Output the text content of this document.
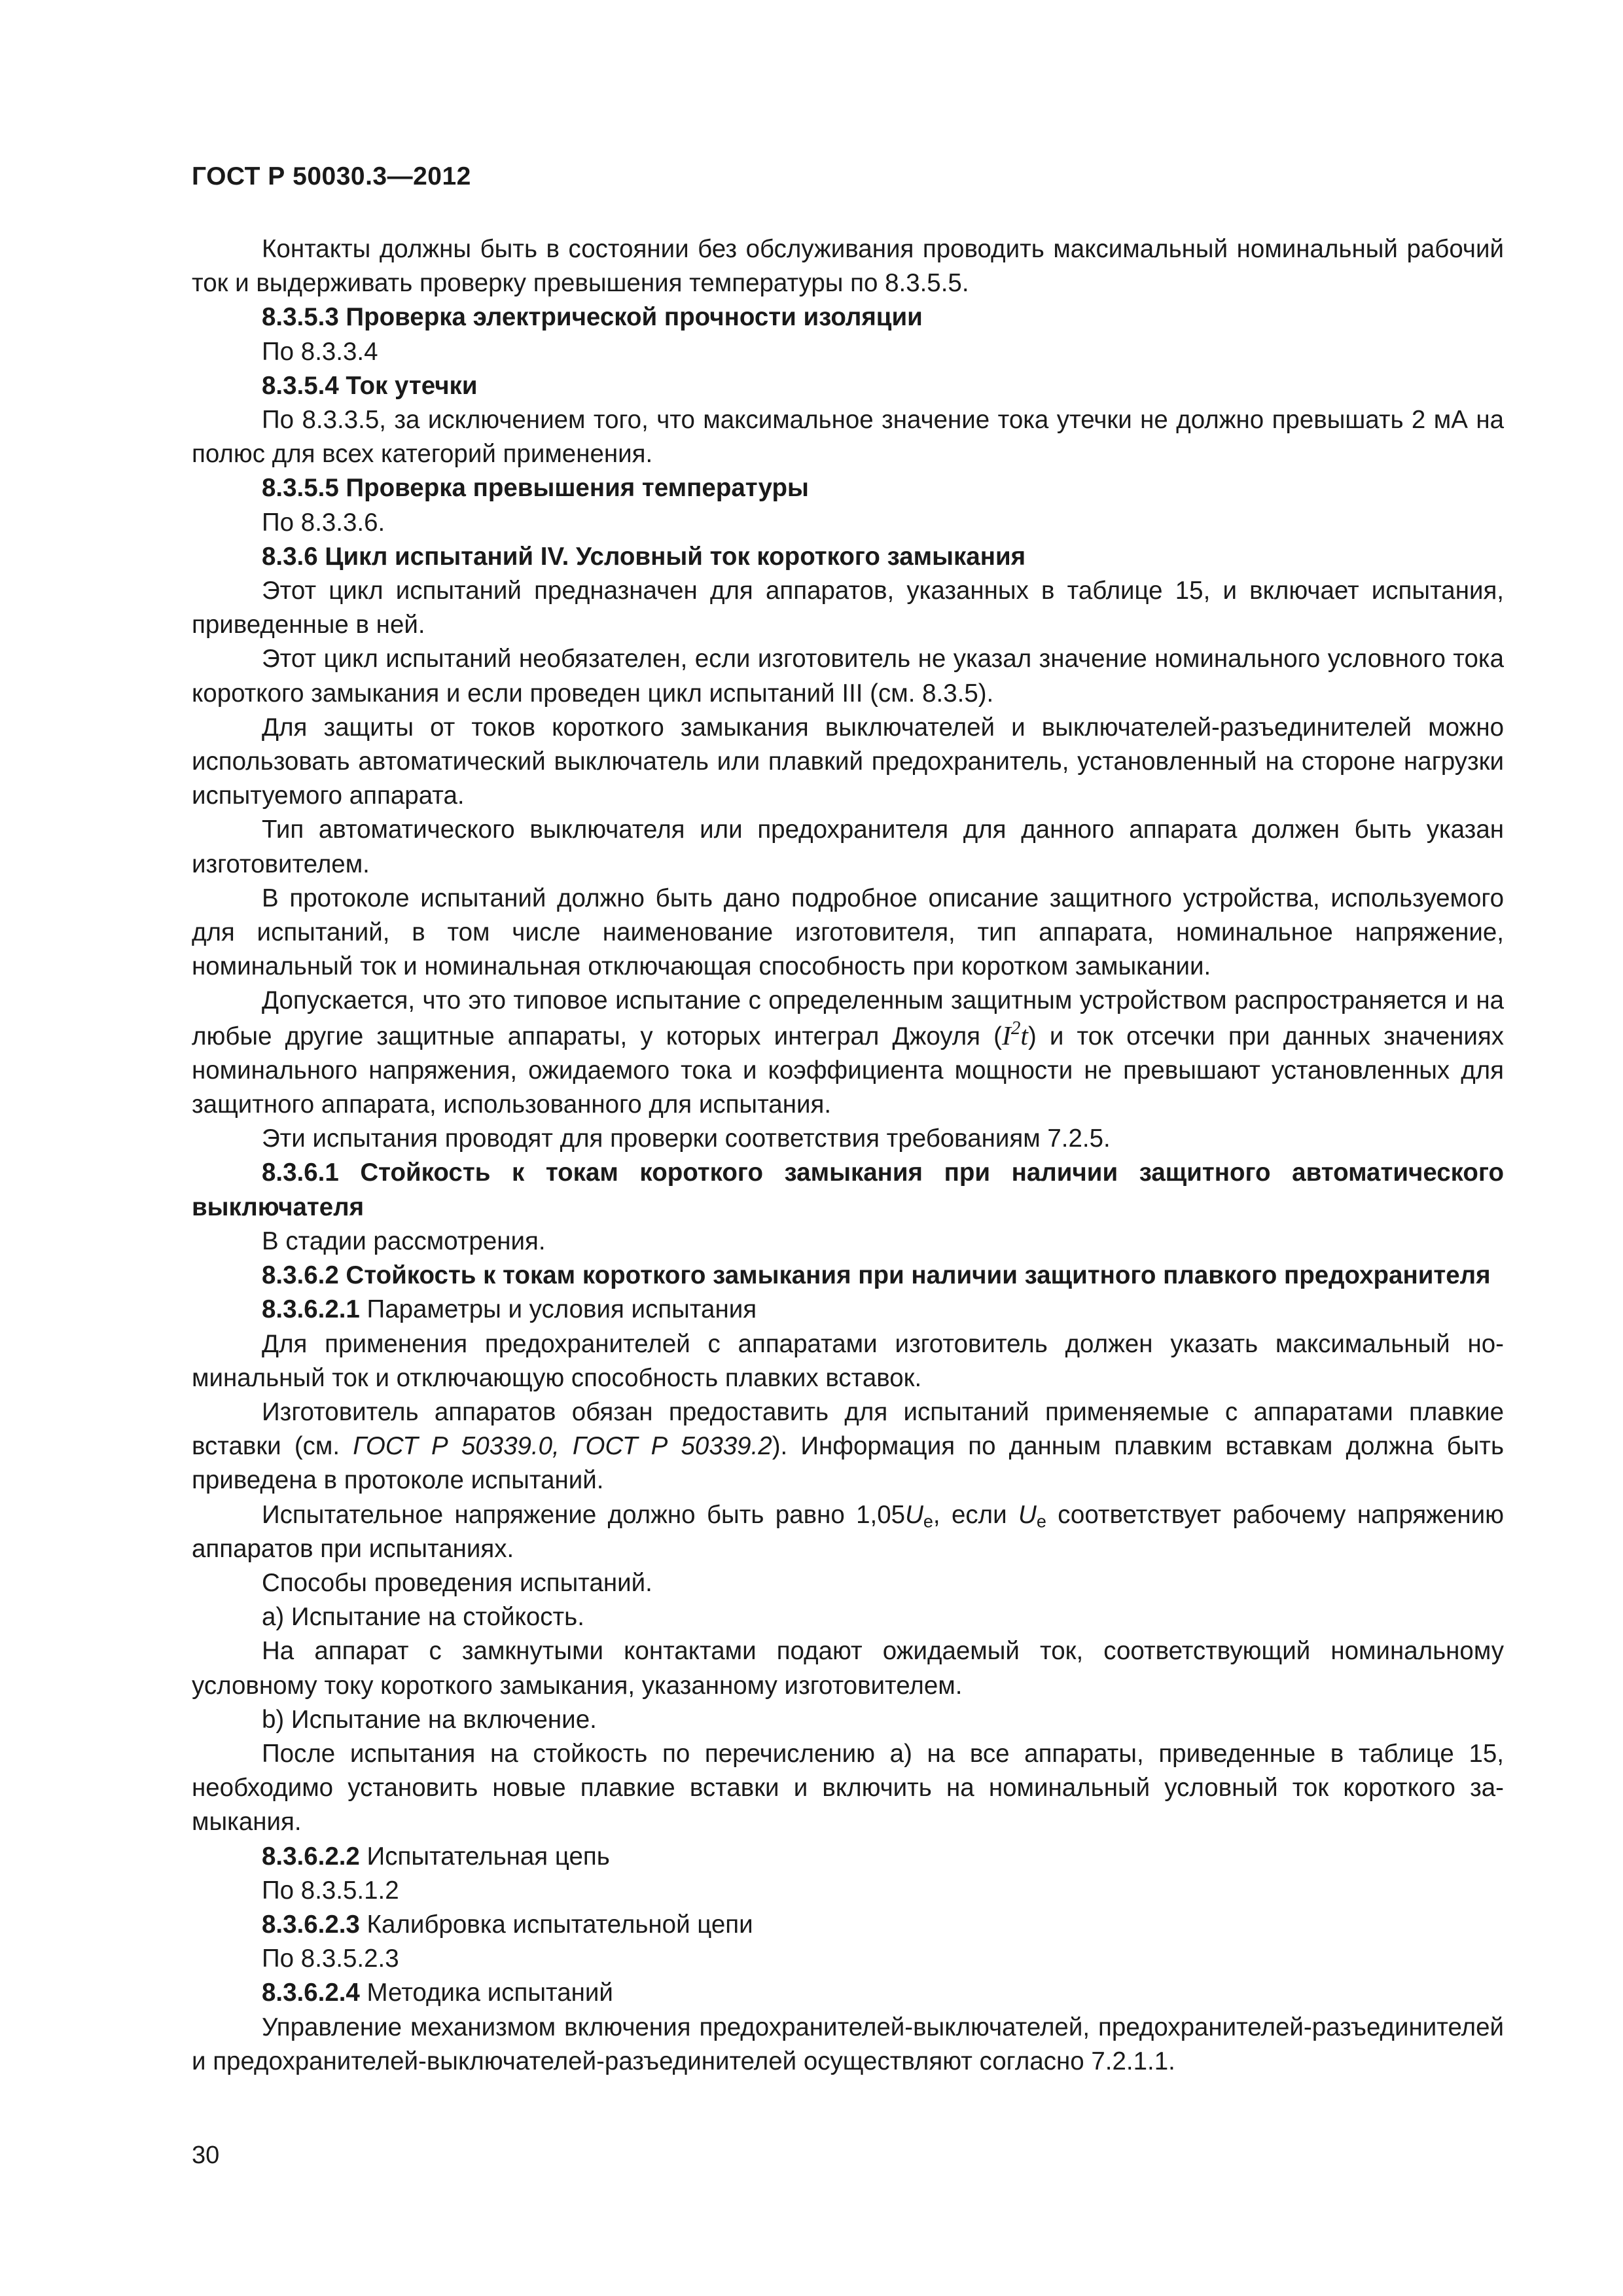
ГОСТ Р 50030.3—2012

Контакты должны быть в состоянии без обслуживания проводить максимальный номинальный рабочий ток и выдерживать проверку превышения температуры по 8.3.5.5.

8.3.5.3 Проверка электрической прочности изоляции

По 8.3.3.4

8.3.5.4 Ток утечки

По 8.3.3.5, за исключением того, что максимальное значение тока утечки не должно превышать 2 мА на полюс для всех категорий применения.

8.3.5.5 Проверка превышения температуры

По 8.3.3.6.

8.3.6 Цикл испытаний IV. Условный ток короткого замыкания

Этот цикл испытаний предназначен для аппаратов, указанных в таблице 15, и включает испытания, приведенные в ней.

Этот цикл испытаний необязателен, если изготовитель не указал значение номинального условного тока короткого замыкания и если проведен цикл испытаний III (см. 8.3.5).

Для защиты от токов короткого замыкания выключателей и выключателей-разъединителей можно использовать автоматический выключатель или плавкий предохранитель, установленный на стороне нагрузки испытуемого аппарата.

Тип автоматического выключателя или предохранителя для данного аппарата должен быть указан изготовителем.

В протоколе испытаний должно быть дано подробное описание защитного устройства, используемого для испытаний, в том числе наименование изготовителя, тип аппарата, номинальное напряжение, номинальный ток и номинальная отключающая способность при коротком замыкании.

Допускается, что это типовое испытание с определенным защитным устройством распространяется и на любые другие защитные аппараты, у которых интеграл Джоуля $(I^2t)$ и ток отсечки при данных значениях номинального напряжения, ожидаемого тока и коэффициента мощности не превышают установленных для защитного аппарата, использованного для испытания.

Эти испытания проводят для проверки соответствия требованиям 7.2.5.

8.3.6.1 Стойкость к токам короткого замыкания при наличии защитного автоматического выключателя

В стадии рассмотрения.

8.3.6.2 Стойкость к токам короткого замыкания при наличии защитного плавкого предохранителя

8.3.6.2.1 Параметры и условия испытания

Для применения предохранителей с аппаратами изготовитель должен указать максимальный номинальный ток и отключающую способность плавких вставок.

Изготовитель аппаратов обязан предоставить для испытаний применяемые с аппаратами плавкие вставки (см. ГОСТ Р 50339.0, ГОСТ Р 50339.2). Информация по данным плавким вставкам должна быть приведена в протоколе испытаний.

Испытательное напряжение должно быть равно $1,05U_e$, если $U_e$ соответствует рабочему напряжению аппаратов при испытаниях.

Способы проведения испытаний.

а) Испытание на стойкость.

На аппарат с замкнутыми контактами подают ожидаемый ток, соответствующий номинальному условному току короткого замыкания, указанному изготовителем.

b) Испытание на включение.

После испытания на стойкость по перечислению а) на все аппараты, приведенные в таблице 15, необходимо установить новые плавкие вставки и включить на номинальный условный ток короткого замыкания.

8.3.6.2.2 Испытательная цепь

По 8.3.5.1.2

8.3.6.2.3 Калибровка испытательной цепи

По 8.3.5.2.3

8.3.6.2.4 Методика испытаний

Управление механизмом включения предохранителей-выключателей, предохранителей-разъединителей и предохранителей-выключателей-разъединителей осуществляют согласно 7.2.1.1.

30
